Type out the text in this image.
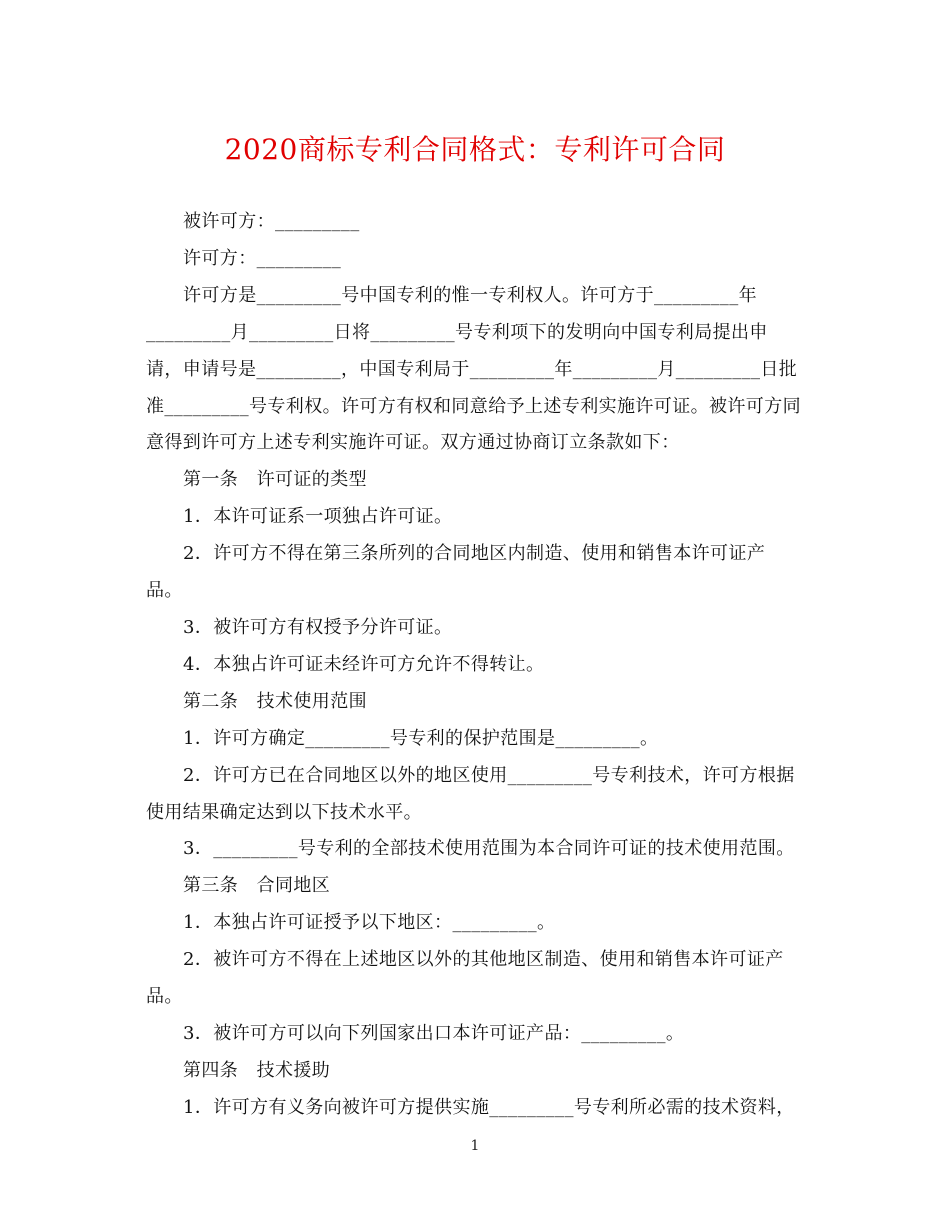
2020商标专利合同格式：专利许可合同

被许可方：_________

许可方：_________

许可方是_________号中国专利的惟一专利权人。许可方于_________年_________月_________日将_________号专利项下的发明向中国专利局提出申请，申请号是_________，中国专利局于_________年_________月_________日批准_________号专利权。许可方有权和同意给予上述专利实施许可证。被许可方同意得到许可方上述专利实施许可证。双方通过协商订立条款如下：

第一条　许可证的类型

1．本许可证系一项独占许可证。

2．许可方不得在第三条所列的合同地区内制造、使用和销售本许可证产品。

3．被许可方有权授予分许可证。

4．本独占许可证未经许可方允许不得转让。

第二条　技术使用范围

1．许可方确定_________号专利的保护范围是_________。

2．许可方已在合同地区以外的地区使用_________号专利技术，许可方根据使用结果确定达到以下技术水平。

3．_________号专利的全部技术使用范围为本合同许可证的技术使用范围。

第三条　合同地区

1．本独占许可证授予以下地区：_________。

2．被许可方不得在上述地区以外的其他地区制造、使用和销售本许可证产品。

3．被许可方可以向下列国家出口本许可证产品：_________。

第四条　技术援助

1．许可方有义务向被许可方提供实施_________号专利所必需的技术资料，

1
